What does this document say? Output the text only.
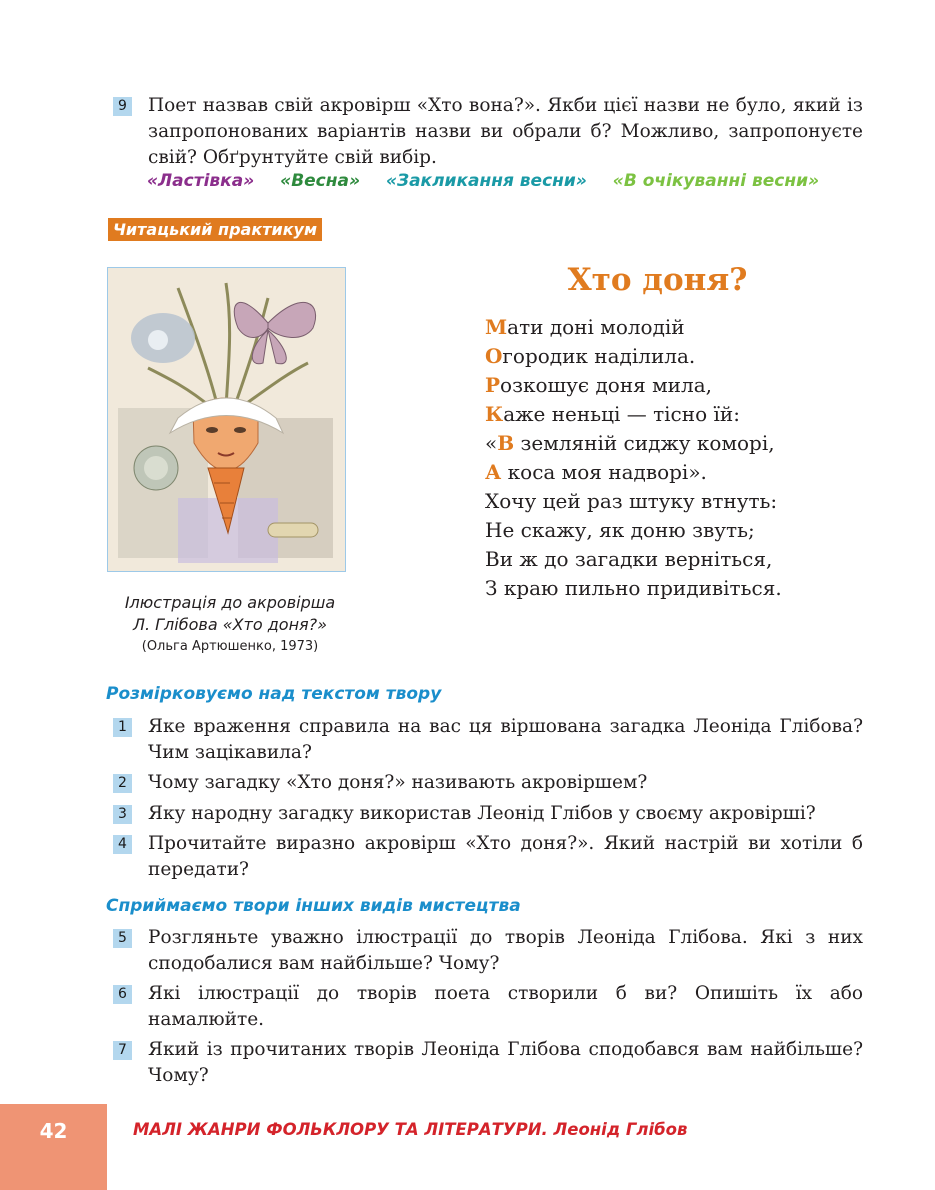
9 Поет назвав свій акровірш «Хто вона?». Якби цієї назви не було, який із запропонованих варіантів назви ви обрали б? Можливо, запропонуєте свій? Обґрунтуйте свій вибір.
«Ластівка» «Весна» «Закликання весни» «В очікуванні весни»
Читацький практикум
Ілюстрація до акровірша
Л. Глібова «Хто доня?»
(Ольга Артюшенко, 1973)
Хто доня?
Мати доні молодій
Огородик наділила.
Розкошує доня мила,
Каже неньці — тісно їй:
«В земляній сиджу коморі,
А коса моя надворі».
Хочу цей раз штуку втнуть:
Не скажу, як доню звуть;
Ви ж до загадки верніться,
З краю пильно придивіться.
Розмірковуємо над текстом твору
1 Яке враження справила на вас ця віршована загадка Леоніда Глібова? Чим зацікавила?
2 Чому загадку «Хто доня?» називають акровіршем?
3 Яку народну загадку використав Леонід Глібов у своєму акровірші?
4 Прочитайте виразно акровірш «Хто доня?». Який настрій ви хотіли б передати?
Сприймаємо твори інших видів мистецтва
5 Розгляньте уважно ілюстрації до творів Леоніда Глібова. Які з них сподобалися вам найбільше? Чому?
6 Які ілюстрації до творів поета створили б ви? Опишіть їх або намалюйте.
7 Який із прочитаних творів Леоніда Глібова сподобався вам найбільше? Чому?
42	МАЛІ ЖАНРИ ФОЛЬКЛОРУ ТА ЛІТЕРАТУРИ. Леонід Глібов
